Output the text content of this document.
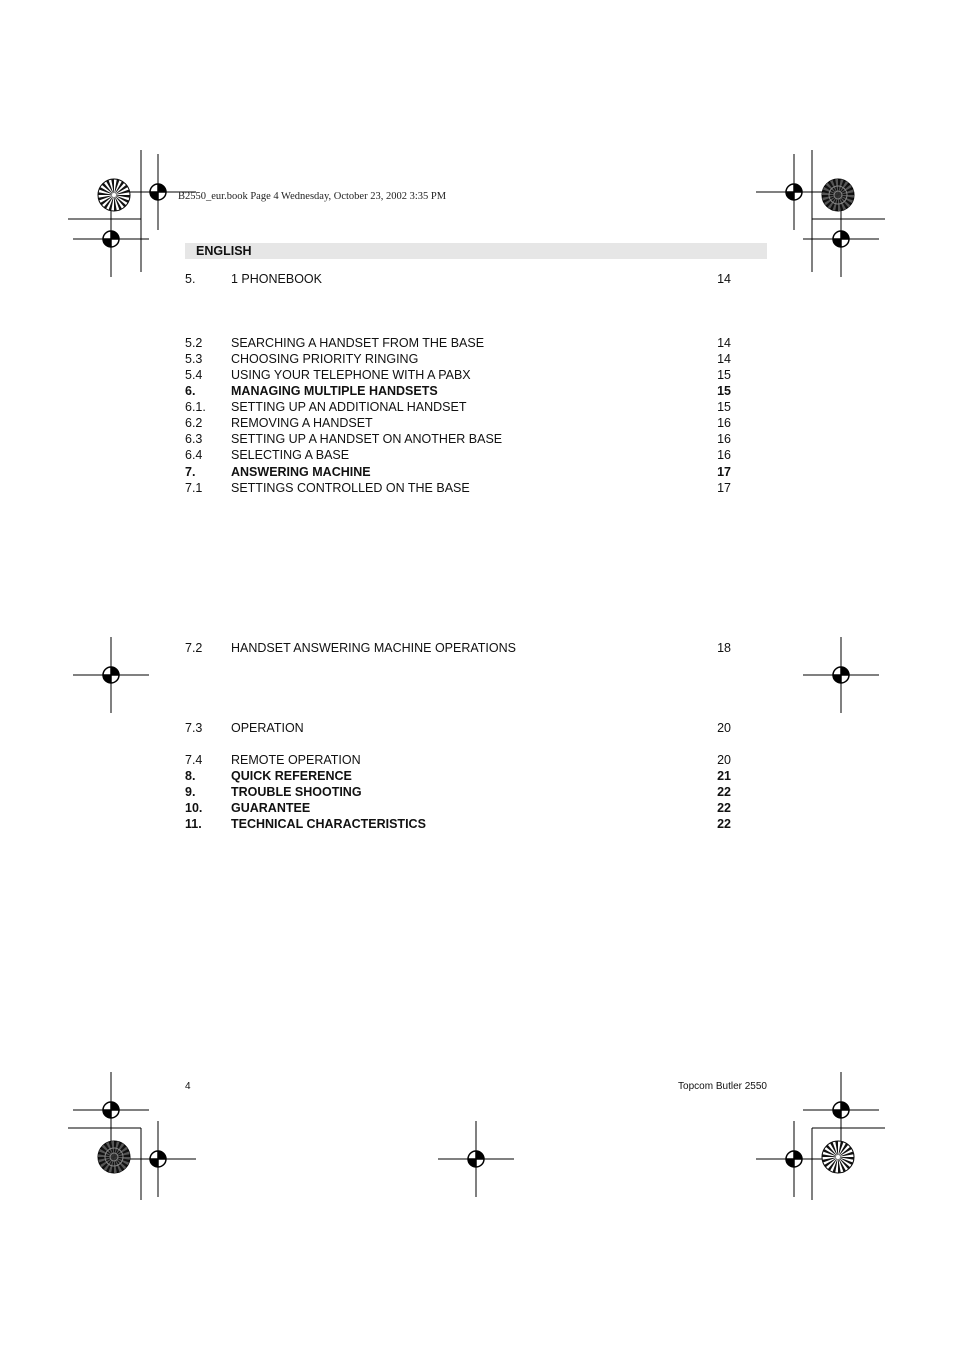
B2550_eur.book Page 4 Wednesday, October 23, 2002 3:35 PM
ENGLISH
5.	1 PHONEBOOK	14
5.2 SEARCHING A HANDSET FROM THE BASE	14
5.3 CHOOSING PRIORITY RINGING	14
5.4 USING YOUR TELEPHONE WITH A PABX	15
6.	MANAGING MULTIPLE HANDSETS	15
6.1. SETTING UP AN ADDITIONAL HANDSET	15
6.2 REMOVING A HANDSET	16
6.3 SETTING UP A HANDSET ON ANOTHER BASE	16
6.4 SELECTING A BASE	16
7.	ANSWERING MACHINE	17
7.1 SETTINGS CONTROLLED ON THE BASE	17
7.2 HANDSET ANSWERING MACHINE OPERATIONS	18
7.3 OPERATION	20
7.4 REMOTE OPERATION	20
8.	QUICK REFERENCE	21
9.	TROUBLE SHOOTING	22
10. GUARANTEE	22
11. TECHNICAL CHARACTERISTICS	22
4	Topcom Butler 2550
